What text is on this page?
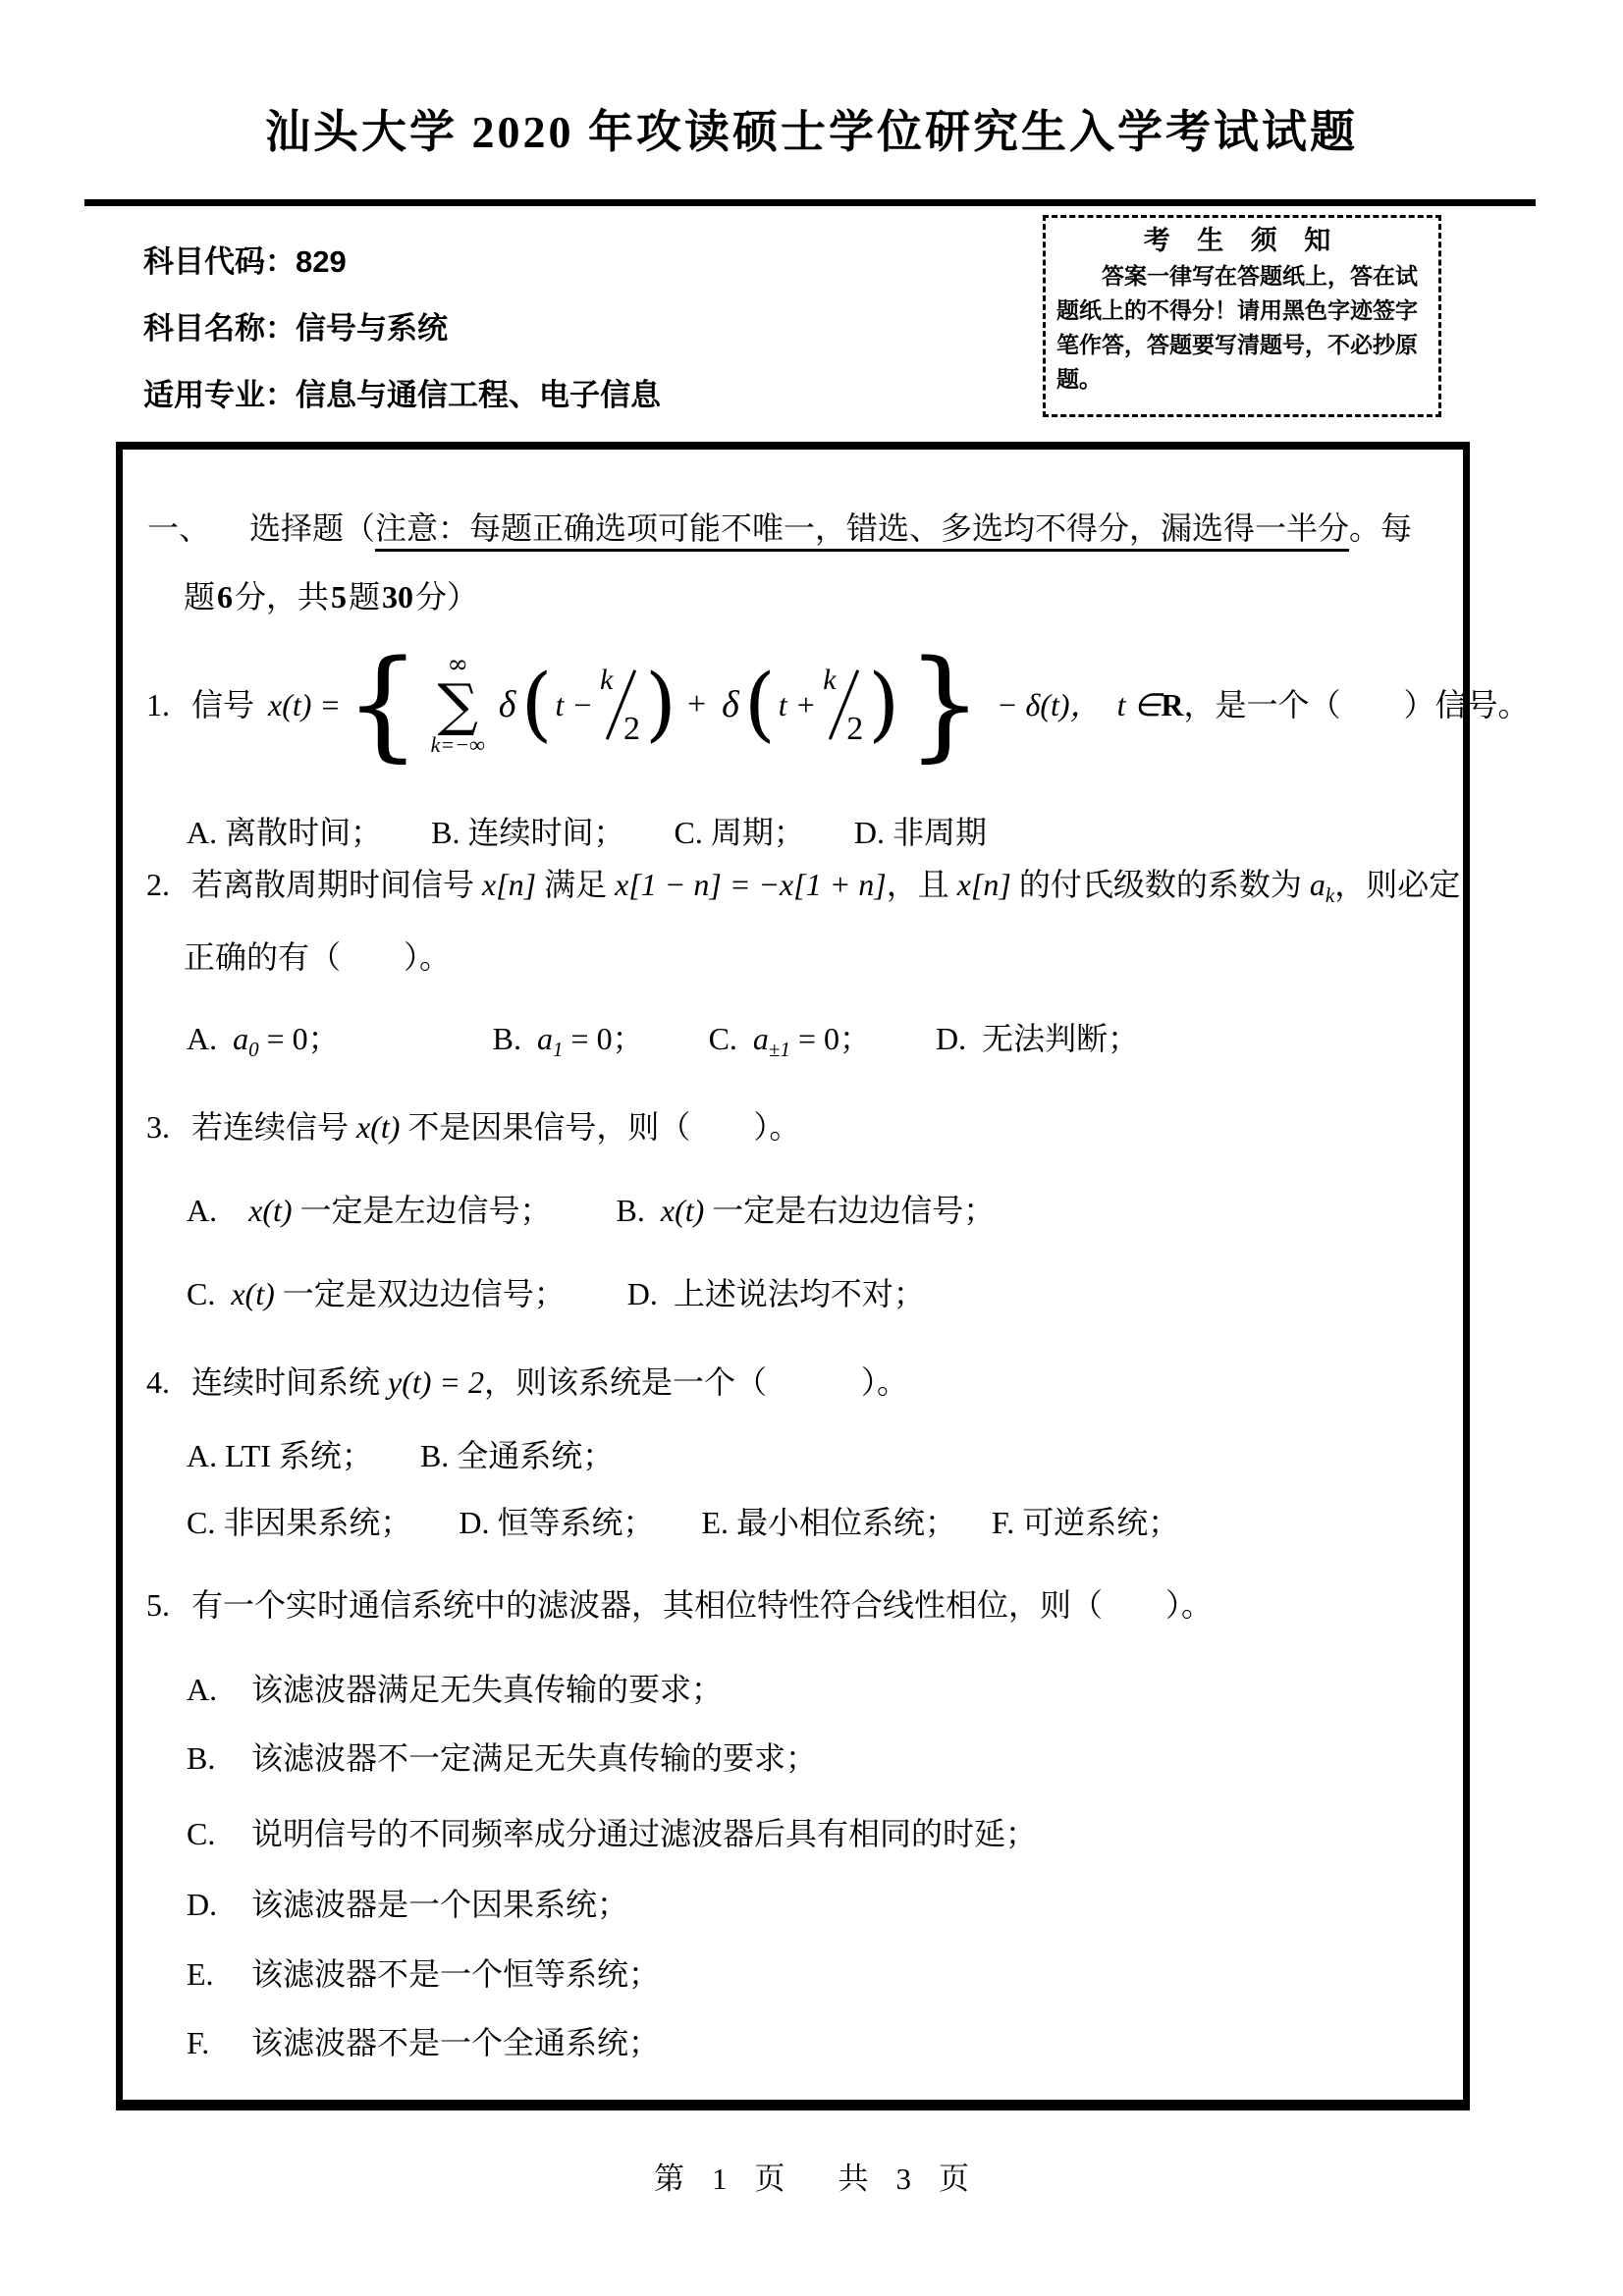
汕头大学 2020 年攻读硕士学位研究生入学考试试题
科目代码：829
科目名称：信号与系统
适用专业：信息与通信工程、电子信息
考 生 须 知

答案一律写在答题纸上，答在试题纸上的不得分！请用黑色字迹签字笔作答，答题要写清题号，不必抄原题。

一、 选择题（注意：每题正确选项可能不唯一，错选、多选均不得分，漏选得一半分。每
题6分，共5题30分）
1. 信号 x(t) = { ∞
∑
k=−∞
δ ( t −
k
2 ) + δ ( t +
k
2 ) } − δ(t)， t ∈ R ，是一个（　　）信号。
A. 离散时间； B. 连续时间； C. 周期； D. 非周期
2. 若离散周期时间信号 x[n] 满足 x[1 − n] = −x[1 + n]，且 x[n] 的付氏级数的系数为 $a_k$，则必定
正确的有（　　）。
A.  $a_0 = 0$；	B.  $a_1 = 0$； C.  $a_{\pm 1} = 0$； D.  无法判断；
3. 若连续信号 x(t) 不是因果信号，则（　　）。
A.  x(t) 一定是左边信号； B.  x(t) 一定是右边边信号；
C.  x(t) 一定是双边边信号； D.  上述说法均不对；
4. 连续时间系统 y(t) = 2，则该系统是一个（　　　）。
A. LTI 系统； B. 全通系统；
C. 非因果系统； D. 恒等系统； E. 最小相位系统； F. 可逆系统；
5. 有一个实时通信系统中的滤波器，其相位特性符合线性相位，则（　　）。
A. 该滤波器满足无失真传输的要求；
B. 该滤波器不一定满足无失真传输的要求；
C. 说明信号的不同频率成分通过滤波器后具有相同的时延；
D. 该滤波器是一个因果系统；
E. 该滤波器不是一个恒等系统；
F. 该滤波器不是一个全通系统；
第 1 页 共 3 页
